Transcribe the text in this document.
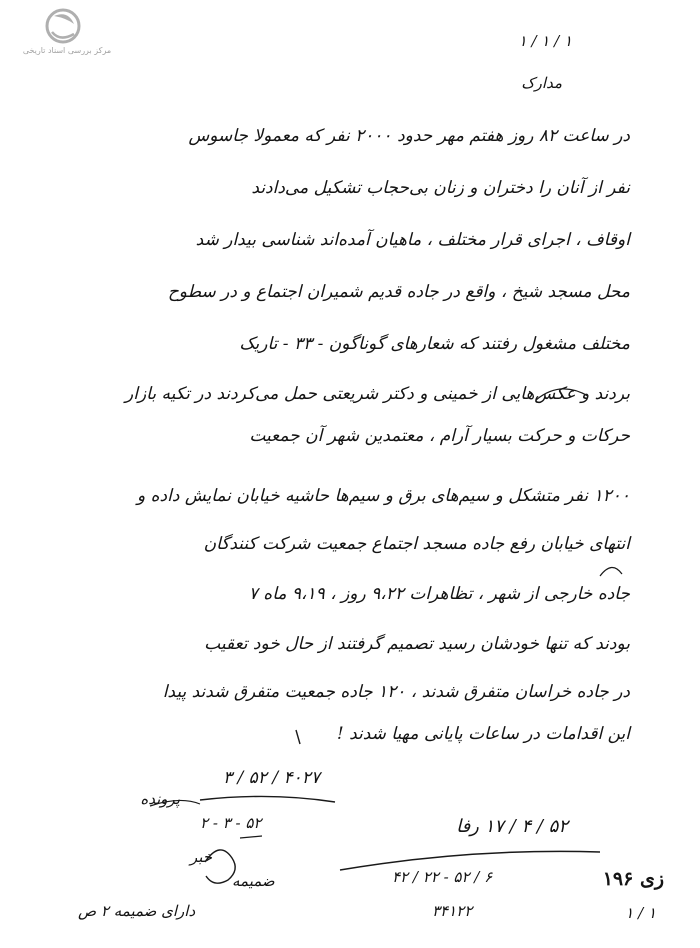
مرکز بررسی اسناد تاریخی
۱ / ۱ / ۱
مدارک
در ساعت ۸۲ روز هفتم مهر حدود ۲۰۰۰ نفر که معمولا جاسوس
نفر از آنان را دختران و زنان بی‌حجاب تشکیل می‌دادند
اوقاف ، اجرای قرار مختلف ، ماهیان آمده‌اند شناسی بیدار شد
محل مسجد شیخ ، واقع در جاده قدیم شمیران اجتماع و در سطوح
مختلف مشغول رفتند که شعارهای گوناگون - ۳۳ - تاریک
بردند و عکس‌هایی از خمینی و دکتر شریعتی حمل می‌کردند در تکیه بازار
حرکات و حرکت بسیار آرام ، معتمدین شهر آن جمعیت
۱۲۰۰ نفر متشکل و سیم‌های برق و سیم‌ها حاشیه خیابان نمایش داده و
انتهای خیابان رفع جاده مسجد اجتماع جمعیت شرکت کنندگان
جاده خارجی از شهر ، تظاهرات ۹،۲۲ روز ، ۹،۱۹ ماه ۷
بودند که تنها خودشان رسید تصمیم گرفتند از حال خود تعقیب
در جاده خراسان متفرق شدند ، ۱۲۰ جاده جمعیت متفرق شدند پیدا
این اقدامات در ساعات پایانی مهیا شدند !
۴۰۲۷ / ۵۲ / ۳
پرونده
۵۲ / ۴ / ۱۷ رفا
۲ - ۳ - ۵۲
خبر
ضمیمه
دارای ضمیمه ۲ ص
۴۲ / ۲۲ - ۵۲ / ۶
۳۴۱۲۲
زی ۱۹۶
۱ / ۱
